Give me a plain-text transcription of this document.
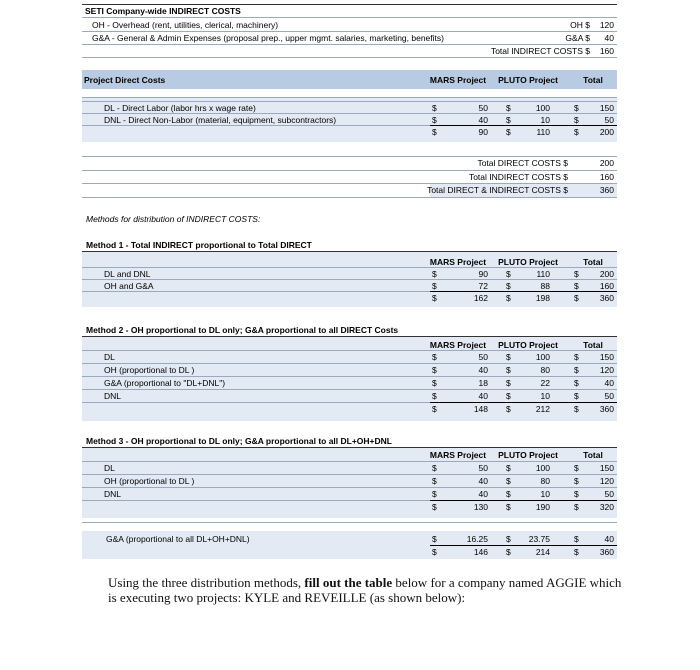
SETI Company-wide INDIRECT COSTS
OH - Overhead (rent, utilities, clerical, machinery)	OH $	120
G&A - General & Admin Expenses (proposal prep., upper mgmt. salaries, marketing, benefits)	G&A $	40
Total INDIRECT COSTS $	160
Project Direct Costs	MARS Project	PLUTO Project	Total
DL - Direct Labor (labor hrs x wage rate)	$	50 $	100	$	150
DNL - Direct Non-Labor (material, equipment, subcontractors)	$	40 $	10	$	50
$	90 $	110	$	200
Total DIRECT COSTS $	200
Total INDIRECT COSTS $	160
Total DIRECT & INDIRECT COSTS $	360
Methods for distribution of INDIRECT COSTS:
Method 1 - Total INDIRECT proportional to Total DIRECT
MARS Project	PLUTO Project	Total
DL and DNL	$	90 $	110	$	200
OH and G&A	$	72 $	88	$	160
$	162 $	198	$	360
Method 2 - OH proportional to DL only; G&A proportional to all DIRECT Costs
MARS Project	PLUTO Project	Total
DL	$	50 $	100	$	150
OH (proportional to DL )	$	40 $	80	$	120
G&A (proportional to "DL+DNL")	$	18 $	22	$	40
DNL	$	40 $	10	$	50
$	148 $	212	$	360
Method 3 - OH proportional to DL only; G&A proportional to all DL+OH+DNL
MARS Project	PLUTO Project	Total
DL	$	50 $	100	$	150
OH (proportional to DL )	$	40 $	80	$	120
DNL	$	40 $	10	$	50
$	130 $	190	$	320
G&A (proportional to all DL+OH+DNL)	$	16.25 $	23.75	$	40
$	146 $	214	$	360
Using the three distribution methods, fill out the table below for a company named AGGIE which is executing two projects: KYLE and REVEILLE (as shown below):
